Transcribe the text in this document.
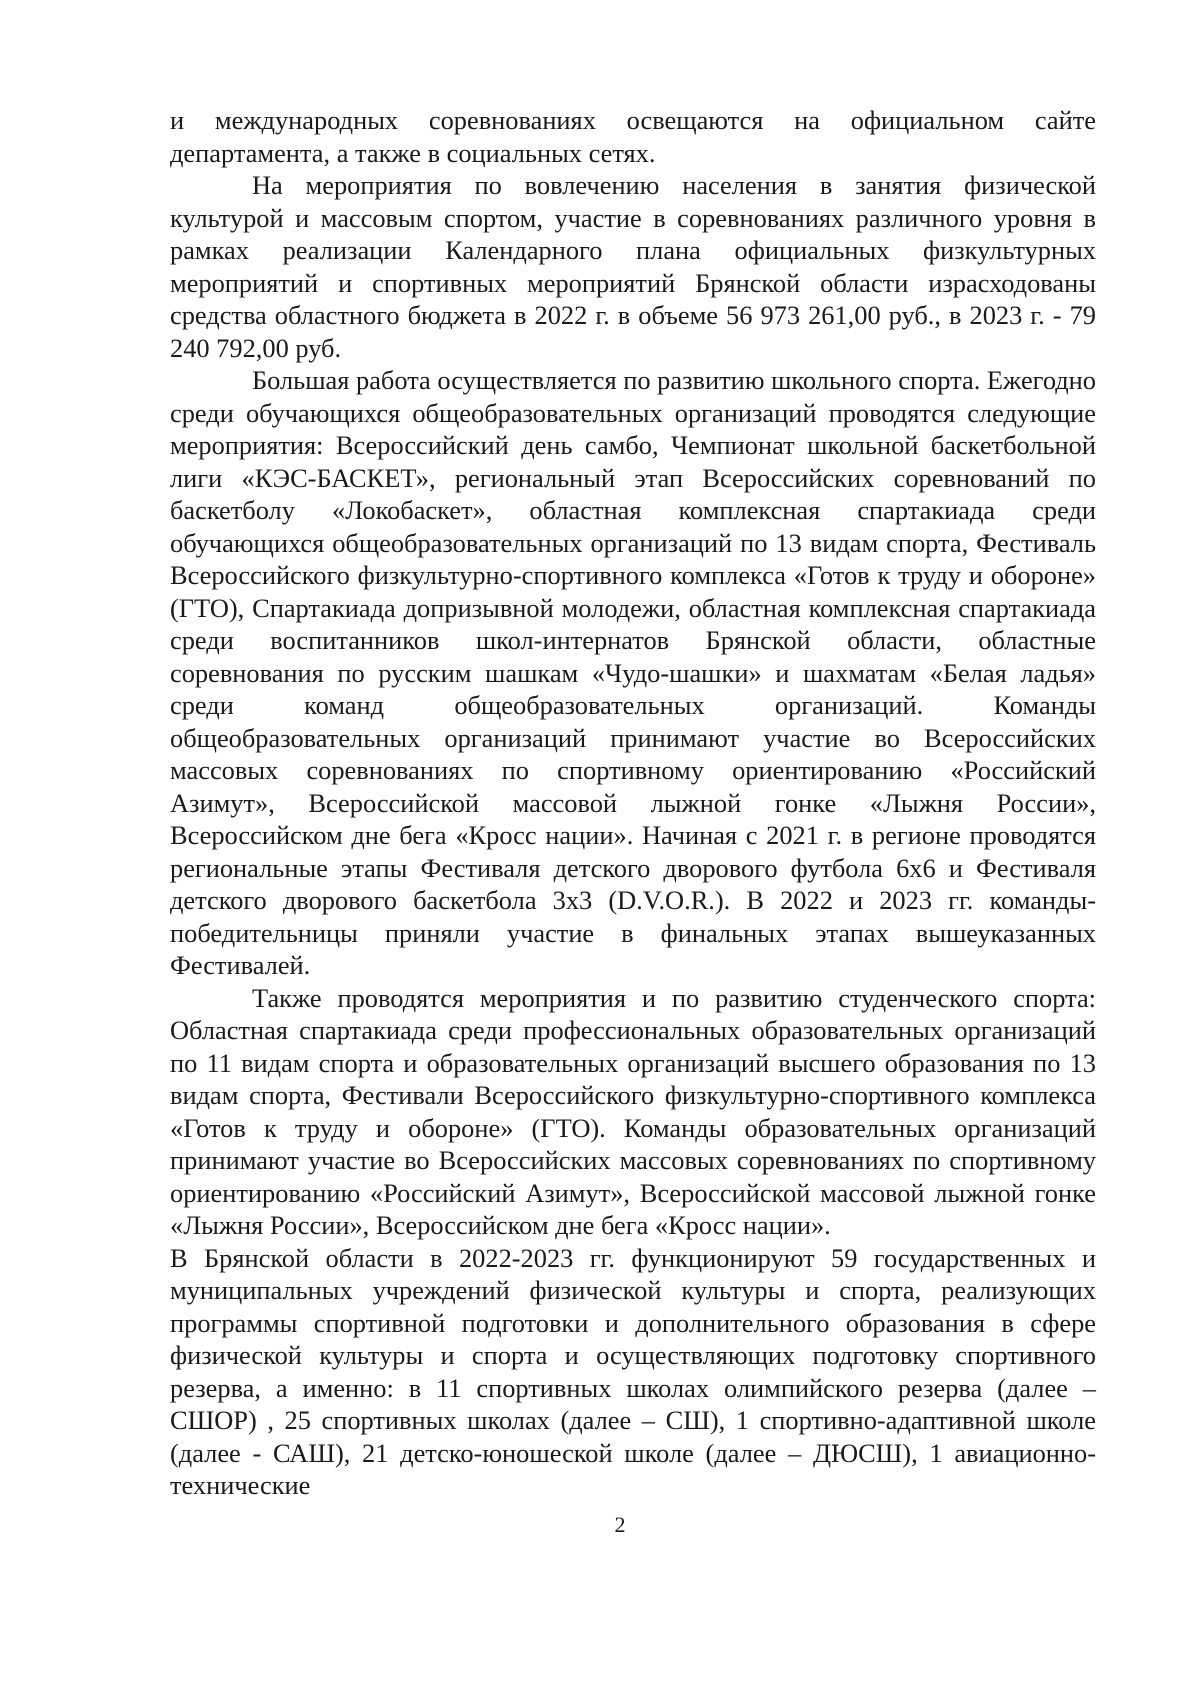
и международных соревнованиях освещаются на официальном сайте департамента, а также в социальных сетях.

На мероприятия по вовлечению населения в занятия физической культурой и массовым спортом, участие в соревнованиях различного уровня в рамках реализации Календарного плана официальных физкультурных мероприятий и спортивных мероприятий Брянской области израсходованы средства областного бюджета в 2022 г. в объеме 56 973 261,00 руб., в 2023 г. - 79 240 792,00 руб.

Большая работа осуществляется по развитию школьного спорта. Ежегодно среди обучающихся общеобразовательных организаций проводятся следующие мероприятия: Всероссийский день самбо, Чемпионат школьной баскетбольной лиги «КЭС-БАСКЕТ», региональный этап Всероссийских соревнований по баскетболу «Локобаскет», областная комплексная спартакиада среди обучающихся общеобразовательных организаций по 13 видам спорта, Фестиваль Всероссийского физкультурно-спортивного комплекса «Готов к труду и обороне» (ГТО), Спартакиада допризывной молодежи, областная комплексная спартакиада среди воспитанников школ-интернатов Брянской области, областные соревнования по русским шашкам «Чудо-шашки» и шахматам «Белая ладья» среди команд общеобразовательных организаций. Команды общеобразовательных организаций принимают участие во Всероссийских массовых соревнованиях по спортивному ориентированию «Российский Азимут», Всероссийской массовой лыжной гонке «Лыжня России», Всероссийском дне бега «Кросс нации». Начиная с 2021 г. в регионе проводятся региональные этапы Фестиваля детского дворового футбола 6х6 и Фестиваля детского дворового баскетбола 3х3 (D.V.O.R.). В 2022 и 2023 гг. команды-победительницы приняли участие в финальных этапах вышеуказанных Фестивалей.

Также проводятся мероприятия и по развитию студенческого спорта: Областная спартакиада среди профессиональных образовательных организаций по 11 видам спорта и образовательных организаций высшего образования по 13 видам спорта, Фестивали Всероссийского физкультурно-спортивного комплекса «Готов к труду и обороне» (ГТО). Команды образовательных организаций принимают участие во Всероссийских массовых соревнованиях по спортивному ориентированию «Российский Азимут», Всероссийской массовой лыжной гонке «Лыжня России», Всероссийском дне бега «Кросс нации».

В Брянской области в 2022-2023 гг. функционируют 59 государственных и муниципальных учреждений физической культуры и спорта, реализующих программы спортивной подготовки и дополнительного образования в сфере физической культуры и спорта и осуществляющих подготовку спортивного резерва, а именно: в 11 спортивных школах олимпийского резерва (далее – СШОР) , 25 спортивных школах (далее – СШ), 1 спортивно-адаптивной школе (далее - САШ), 21 детско-юношеской школе (далее – ДЮСШ), 1 авиационно-технические

2
